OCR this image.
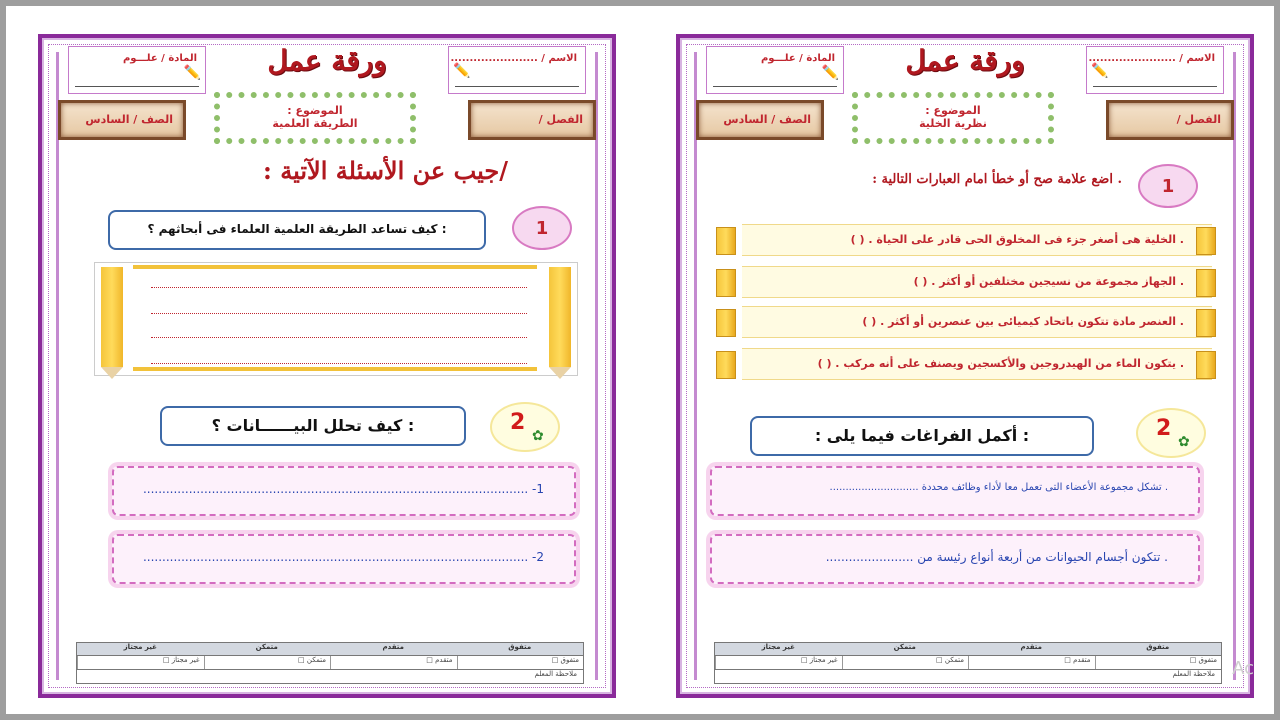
الاسم / .......................
✏️
المادة / علـــوم
✏️	ورقة عمل
الفصل /
الصف / السادس
الموضوع :
الطريقة العلمية
/جيب عن الأسئلة الآتية :
1
: كيف تساعد الطريقة العلمية العلماء فى أبحاثهم ؟
2
✿
: كيف تحلل البيــــــانات ؟
1- .....................................................................................................
2- .....................................................................................................
متفوق
متقدم
متمكن
غير مجتاز
متفوق □
متقدم □
متمكن □
غير مجتاز □
ملاحظة المعلم
الاسم / .......................
✏️
المادة / علـــوم
✏️	ورقة عمل
الفصل /
الصف / السادس
الموضوع :
نظرية الخلية
1
. اضع علامة صح أو خطأ امام العبارات التالية :
. الخلية هى أصغر جزء فى المخلوق الحى قادر على الحياة . ( )
. الجهاز مجموعة من نسيجين مختلفين أو أكثر . ( )
. العنصر مادة تتكون باتحاد كيميائى بين عنصرين أو أكثر . ( )
. يتكون الماء من الهيدروجين والأكسجين ويصنف على أنه مركب . ( )
2
✿
: أكمل الفراغات فيما يلى :
. تشكل مجموعة الأعضاء التى تعمل معا لأداء وظائف محددة ............................
. تتكون أجسام الحيوانات من أربعة أنواع رئيسة من .......................
متفوق
متقدم
متمكن
غير مجتاز
متفوق □
متقدم □
متمكن □
غير مجتاز □
ملاحظة المعلم Ac
